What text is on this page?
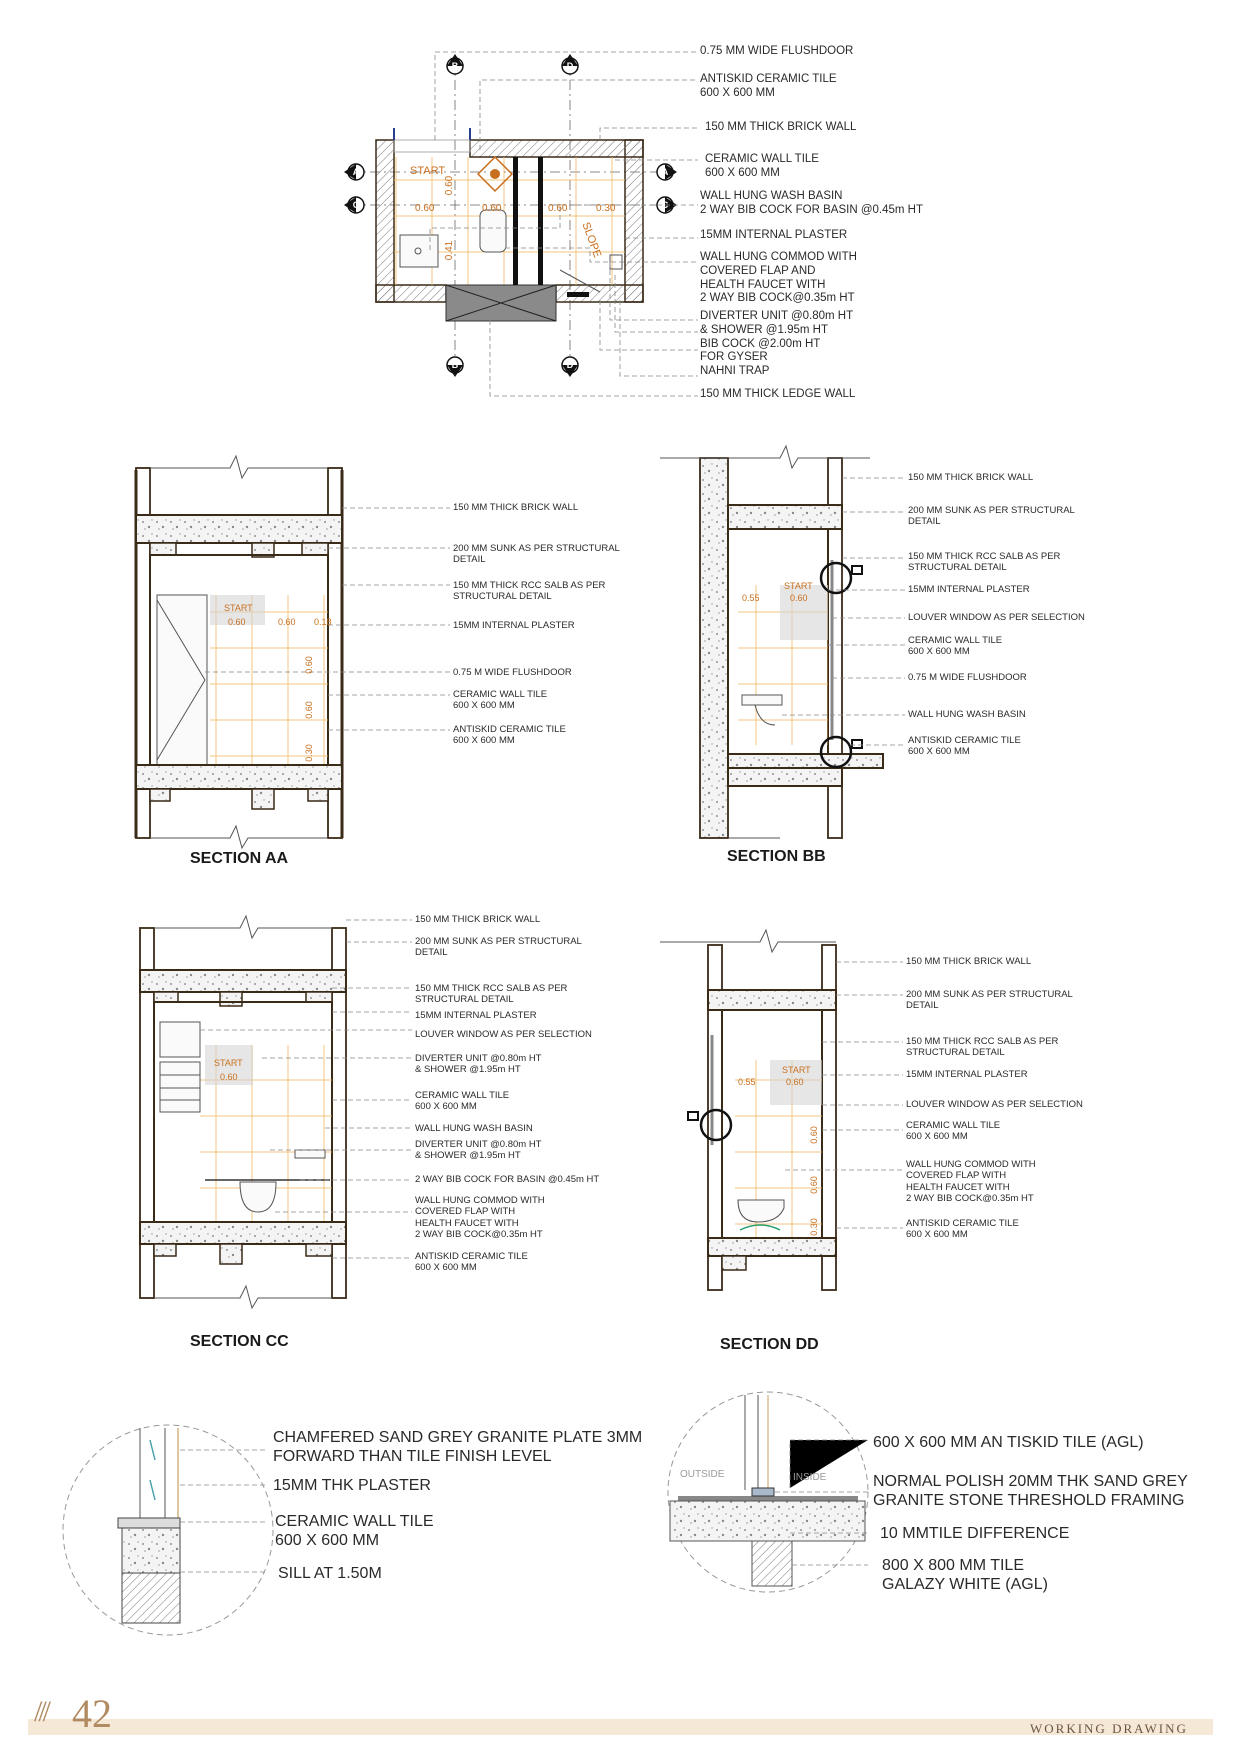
B	D
B	D
A	A
C	C
0.75 MM WIDE FLUSHDOOR
ANTISKID CERAMIC TILE
600 X 600 MM
150 MM THICK BRICK WALL
CERAMIC WALL TILE
600 X 600 MM
WALL HUNG WASH BASIN
2 WAY BIB COCK FOR BASIN @0.45m HT
15MM INTERNAL PLASTER
WALL HUNG COMMOD WITH
COVERED FLAP AND
HEALTH FAUCET WITH
2 WAY BIB COCK@0.35m HT
DIVERTER UNIT @0.80m HT
& SHOWER @1.95m HT
BIB COCK @2.00m HT
FOR GYSER
NAHNI TRAP
150 MM THICK LEDGE WALL
START
SLOPE
0.60	0.60	0.60	0.30
0.60
0.41
150 MM THICK BRICK WALL
200 MM SUNK AS PER STRUCTURAL
DETAIL
150 MM THICK RCC SALB AS PER
STRUCTURAL DETAIL
15MM INTERNAL PLASTER
0.75 M WIDE FLUSHDOOR
CERAMIC WALL TILE
600 X 600 MM
ANTISKID CERAMIC TILE
600 X 600 MM
START
0.60	0.60 0.18
0.60
0.60
0.30
SECTION AA
150 MM THICK BRICK WALL
200 MM SUNK AS PER STRUCTURAL
DETAIL
150 MM THICK RCC SALB AS PER
STRUCTURAL DETAIL
15MM INTERNAL PLASTER
LOUVER WINDOW AS PER SELECTION
CERAMIC WALL TILE
600 X 600 MM
0.75 M WIDE FLUSHDOOR
WALL HUNG WASH BASIN
ANTISKID CERAMIC TILE
600 X 600 MM
START
0.55	0.60
SECTION BB
150 MM THICK BRICK WALL
200 MM SUNK AS PER STRUCTURAL
DETAIL
150 MM THICK RCC SALB AS PER
STRUCTURAL DETAIL
15MM INTERNAL PLASTER
LOUVER WINDOW AS PER SELECTION
DIVERTER UNIT @0.80m HT
& SHOWER @1.95m HT
CERAMIC WALL TILE
600 X 600 MM
WALL HUNG WASH BASIN
DIVERTER UNIT @0.80m HT
& SHOWER @1.95m HT
2 WAY BIB COCK FOR BASIN @0.45m HT
WALL HUNG COMMOD WITH
COVERED FLAP WITH
HEALTH FAUCET WITH
2 WAY BIB COCK@0.35m HT
ANTISKID CERAMIC TILE
600 X 600 MM
START
0.60
SECTION CC
150 MM THICK BRICK WALL
200 MM SUNK AS PER STRUCTURAL
DETAIL
150 MM THICK RCC SALB AS PER
STRUCTURAL DETAIL
15MM INTERNAL PLASTER
LOUVER WINDOW AS PER SELECTION
CERAMIC WALL TILE
600 X 600 MM
WALL HUNG COMMOD WITH
COVERED FLAP WITH
HEALTH FAUCET WITH
2 WAY BIB COCK@0.35m HT
ANTISKID CERAMIC TILE
600 X 600 MM
START
0.55	0.60
0.60
0.60
0.30
SECTION DD
CHAMFERED SAND GREY GRANITE PLATE 3MM
FORWARD THAN TILE FINISH LEVEL
15MM THK PLASTER
CERAMIC WALL TILE
600 X 600 MM
SILL AT 1.50M
600 X 600 MM AN TISKID TILE (AGL)
NORMAL POLISH 20MM THK SAND GREY
GRANITE STONE THRESHOLD FRAMING
10 MMTILE DIFFERENCE
800 X 800 MM TILE
GALAZY WHITE (AGL)
OUTSIDE	INSIDE
/// 42	WORKING DRAWING
